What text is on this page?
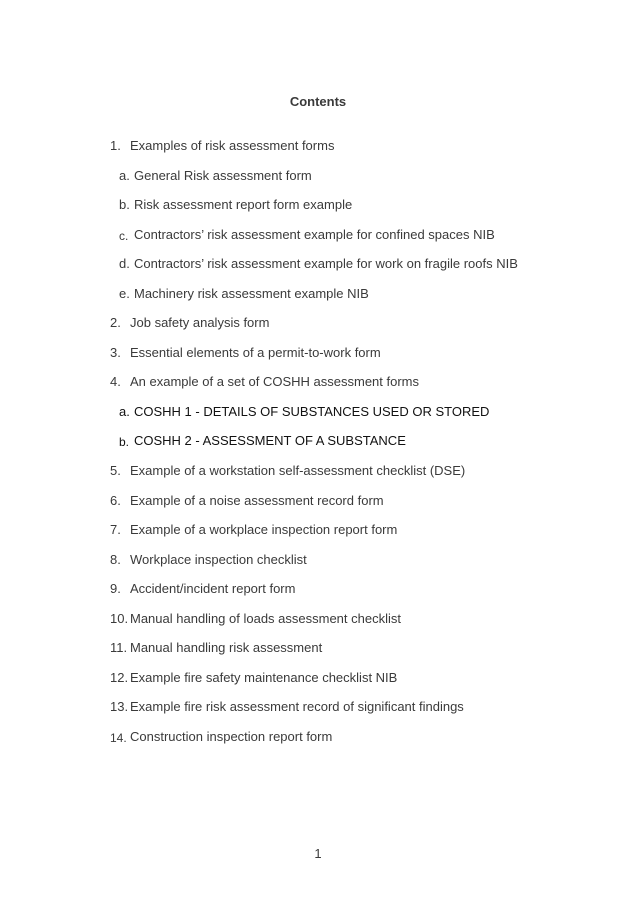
Contents
1. Examples of risk assessment forms
a. General Risk assessment form
b. Risk assessment report form example
c. Contractors’ risk assessment example for confined spaces NIB
d. Contractors’ risk assessment example for work on fragile roofs NIB
e. Machinery risk assessment example NIB
2. Job safety analysis form
3. Essential elements of a permit-to-work form
4. An example of a set of COSHH assessment forms
a. COSHH 1 - DETAILS OF SUBSTANCES USED OR STORED
b. COSHH 2 - ASSESSMENT OF A SUBSTANCE
5. Example of a workstation self-assessment checklist (DSE)
6. Example of a noise assessment record form
7. Example of a workplace inspection report form
8. Workplace inspection checklist
9. Accident/incident report form
10. Manual handling of loads assessment checklist
11. Manual handling risk assessment
12. Example fire safety maintenance checklist NIB
13. Example fire risk assessment record of significant findings
14. Construction inspection report form
1
